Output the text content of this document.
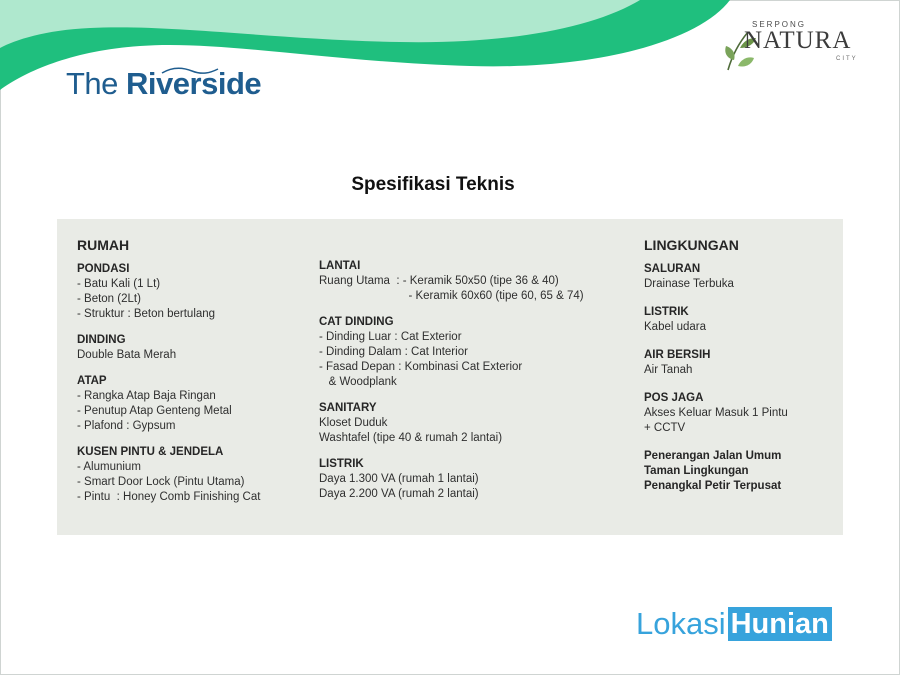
The Riverside
SERPONG
NATURA
CITY
Spesifikasi Teknis
RUMAH
PONDASI
- Batu Kali (1 Lt)
- Beton (2Lt)
- Struktur : Beton bertulang
DINDING
Double Bata Merah
ATAP
- Rangka Atap Baja Ringan
- Penutup Atap Genteng Metal
- Plafond : Gypsum
KUSEN PINTU & JENDELA
- Alumunium
- Smart Door Lock (Pintu Utama)
- Pintu  : Honey Comb Finishing Cat
LANTAI
Ruang Utama  : - Keramik 50x50 (tipe 36 & 40)
- Keramik 60x60 (tipe 60, 65 & 74)
CAT DINDING
- Dinding Luar : Cat Exterior
- Dinding Dalam : Cat Interior
- Fasad Depan : Kombinasi Cat Exterior
& Woodplank
SANITARY
Kloset Duduk
Washtafel (tipe 40 & rumah 2 lantai)
LISTRIK
Daya 1.300 VA (rumah 1 lantai)
Daya 2.200 VA (rumah 2 lantai)
LINGKUNGAN
SALURAN
Drainase Terbuka
LISTRIK
Kabel udara
AIR BERSIH
Air Tanah
POS JAGA
Akses Keluar Masuk 1 Pintu
+ CCTV
Penerangan Jalan Umum
Taman Lingkungan
Penangkal Petir Terpusat
Lokasi Hunian
